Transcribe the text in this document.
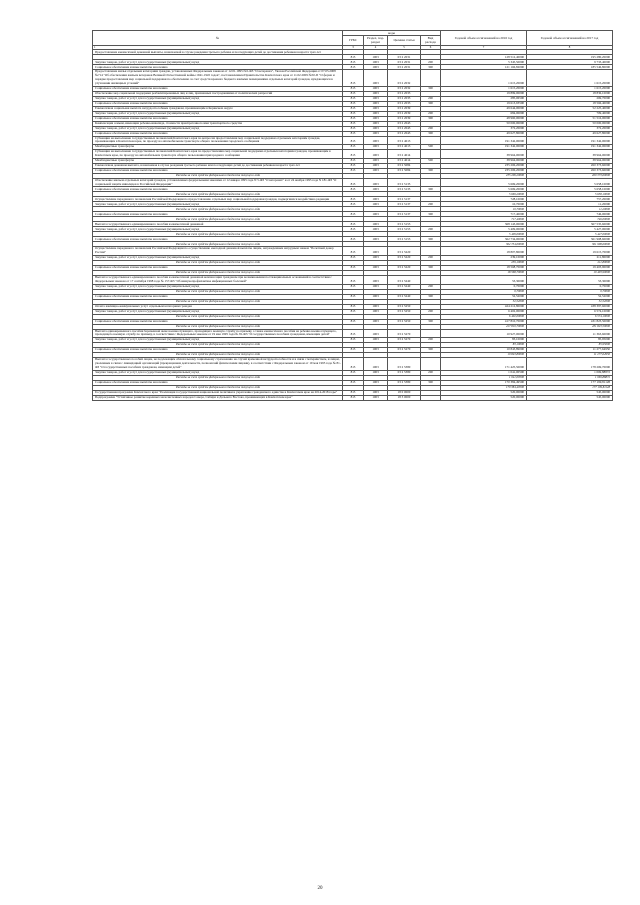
№	коды				Годовой объем ассигнований на 2016 год	Годовой объем ассигнований на 2017 год
	ГРБС	Раздел, под-раздел	Целевая статья	Вид расхода		
1	3	4	5	6	7	8
Предоставление ежемесячной денежной выплаты, назначаемой в случае рождения третьего ребенка и последующих детей до достижения ребенком возраста трех лет						
	815	1003	03 2 2031		128 512,40000	195 280,20000
Закупка товаров, работ и услуг для государственных (муниципальных) нужд	815	1003	03 2 2031	200	5 345,50000	9 733,40000
Социальное обеспечение и иные выплаты населению	815	1003	03 2 2031	300	121 166,82000	185 546,80000
Предоставление жилья отдельным категориям граждан, установленных Федеральным законом от 12.01.1995 №5-ФЗ "О ветеранах", Указом Российской Федерации от 07.05.2008 №714 "Об обеспечении жильем ветеранов Великой Отечественной войны 1941-1945 годов", постановлением Правительства Камчатского края от 11.02.2009 №50-П "О форме и порядке предоставления мер социальной поддержки по обеспечению за счет средств краевого бюджета жилыми помещениями отдельных категорий граждан, нуждающихся в улучшении жилищных условий"	815	1003	03 2 2032		1 615,20000	1 615,20000
Социальное обеспечение и иные выплаты населению	815	1003	03 2 2032	300	1 615,20000	1 615,20000
Обеспечение мер социальной поддержки реабилитированных лиц и лиц, признанных пострадавшими от политических репрессий	815	1003	03 2 2033		19 899,00000	18 836,10000
Закупка товаров, работ и услуг для государственных (муниципальных) нужд	815	1003	03 2 2033	200	285,06500	269,70000
Социальное обеспечение и иные выплаты населению	815	1003	03 2 2033	300	19 613,93500	18 566,40000
Ежемесячная социальная выплата нетрудоспособным гражданам, проживающим в Корякском округе	815	1003	03 2 2039		49 644,00000	52 225,40000
Закупка товаров, работ и услуг для государственных (муниципальных) нужд	815	1003	03 2 2039	200	684,00000	709,40000
Социальное обеспечение и иные выплаты населению	815	1003	03 2 2039	300	48 960,00000	51 516,00000
Компенсация семьям, имеющим ребенка-инвалида, стоимости приобретенного ими транспортного средства	815	1003	03 2 2043		50 000,00000	50 000,00000
Закупка товаров, работ и услуг для государственных (муниципальных) нужд	815	1003	03 2 2043	200	372,20000	372,20000
Социальное обеспечение и иные выплаты населению	815	1003	03 2 2043	300	49 627,80000	49 627,80000
Субвенции на выполнение государственных полномочий Камчатского края по вопросам предоставления мер социальной поддержки отдельным категориям граждан, проживающим в Камчатском крае, по проезду на автомобильном транспорте общего пользования городского сообщения	815	1003	03 2 4013		191 342,00000	191 342,00000
Межбюджетные трансферты	815	1003	03 2 4013	500	191 342,00000	191 342,00000
Субвенции на выполнение государственных полномочий Камчатского края по предоставлению мер социальной поддержки отдельным категориям граждан, проживающим в Камчатском крае, по проезду на автомобильном транспорте общего пользования пригородного сообщения	815	1003	03 2 4014		38 964,00000	38 964,00000
Межбюджетные трансферты	815	1003	03 2 4014	500	38 964,00000	38 964,00000
Ежемесячная денежная выплата, назначаемая в случае рождения третьего ребенка или последующих детей до достижения ребенком возраста трех лет	815	1003	03 2 5084		235 206,20000	260 373,60000
Социальное обеспечение и иные выплаты населению	815	1003	03 2 5084	300	235 206,20000	260 373,60000
Расходы за счет средств федерального бюджета текущего года					235 206,20000	260 373,60000
Обеспечение жильем отдельных категорий граждан, установленных федеральными законами от 12 января 1995 года N 5-ФЗ "О ветеранах" и от 24 ноября 1995 года N 181-ФЗ "О социальной защите инвалидов в Российской Федерации"	815	1003	03 2 5135		5 669,20000	5 658,10000
Социальное обеспечение и иные выплаты населению	815	1003	03 2 5135	300	5 669,20000	5 658,10000
Расходы за счет средств федерального бюджета текущего года					5 669,20000	5 658,10000
Осуществление переданного полномочия Российской Федерации по предоставлению отдельных мер социальной поддержки граждан, подвергшихся воздействию радиации	815	1003	03 2 5137		728,10000	757,20000
Закупка товаров, работ и услуг для государственных (муниципальных) нужд	815	1003	03 2 5137	200	10,70000	11,20000
Расходы за счет средств федерального бюджета текущего года					10,70000	11,20000
Социальное обеспечение и иные выплаты населению	815	1003	03 2 5137	300	717,40000	746,00000
Расходы за счет средств федерального бюджета текущего года					717,40000	746,00000
Выплата государственного единовременного пособия и ежемесячной денежной	815	1003	03 2 5153		368 143,00000	367 535,60000
Закупка товаров, работ и услуг для государственных (муниципальных) нужд	815	1003	03 2 5153	200	5 409,00000	5 427,00000
Расходы за счет средств федерального бюджета текущего года					5 409,00000	5 427,00000
Социальное обеспечение и иные выплаты населению	815	1003	03 2 5153	300	362 734,00000	361 908,60000
Расходы за счет средств федерального бюджета текущего года					362 734,00000	361 908,60000
Осуществление переданного полномочия Российской Федерации по осуществлению ежегодной денежной выплаты лицам, награжденным нагрудным знаком "Почетный донор России"	815	1003	03 2 5220		18 807,80000	19 615,70000
Закупка товаров, работ и услуг для государственных (муниципальных) нужд	815	1003	03 2 5220	200	239,10000	211,80000
Расходы за счет средств федерального бюджета текущего года					239,10000	211,80000
Социальное обеспечение и иные выплаты населению	815	1003	03 2 5220	300	18 568,70000	19 403,90000
Расходы за счет средств федерального бюджета текущего года					18 568,70000	19 403,90000
Выплата государственного единовременного пособия и ежемесячной денежной компенсации гражданам при возникновении поствакцинальных осложнений в соответствии с Федеральным законом от 17 сентября 1998 года № 157-ФЗ "Об иммунопрофилактике инфекционных болезней"	815	1003	03 2 5240		53,30000	53,30000
Закупка товаров, работ и услуг для государственных (муниципальных) нужд	815	1003	03 2 5240	200	0,70000	0,70000
Расходы за счет средств федерального бюджета текущего года					0,70000	0,70000
Социальное обеспечение и иные выплаты населению	815	1003	03 2 5240	300	52,52000	52,52000
Расходы за счет средств федерального бюджета текущего года					52,52000	52,52000
Оплата жилищно-коммунальных услуг отдельным категориям граждан	815	1003	03 2 5250		424 212,80000	438 397,60000
Закупка товаров, работ и услуг для государственных (муниципальных) нужд	815	1003	03 2 5250	200	6 402,00000	6 574,10000
Расходы за счет средств федерального бюджета текущего года					6 402,00000	6 574,10000
Социальное обеспечение и иные выплаты населению	815	1003	03 2 5250	300	417 810,70000	431 823,50000
Расходы за счет средств федерального бюджета текущего года					417 810,70000	431 823,50000
Выплата единовременного пособия беременной жене военнослужащего, проходящего военную службу по призыву, а также ежемесячного пособия на ребенка военнослужащего, проходящего военную службу по призыву, в соответствии с Федеральным законом от 19 мая 1995 года № 81-ФЗ "О государственных пособиях гражданам, имеющим детей"	815	1003	03 2 5270		10 927,00000	11 363,60000
Закупка товаров, работ и услуг для государственных (муниципальных) нужд	815	1003	03 2 5270	200	83,10000	85,95000
Расходы за счет средств федерального бюджета текущего года					83,10000	85,95000
Социальное обеспечение и иные выплаты населению	815	1003	03 2 5270	300	10 843,89000	11 277,64950
Расходы за счет средств федерального бюджета текущего года					10 843,89000	11 277,64950
Выплата государственных пособий лицам, не подлежащим обязательному социальному страхованию на случай временной нетрудоспособности и в связи с материнством, и лицам, уволенным в связи с ликвидацией организаций (прекращением деятельности, полномочий физическими лицами), в соответствии с Федеральным законом от 19 мая 1995 года № 81-ФЗ "О государственных пособиях гражданам, имеющим детей"	815	1003	03 2 5380		171 425,50000	178 269,70000
Закупка товаров, работ и услуг для государственных (муниципальных) нужд	815	1003	03 2 5380	200	1 041,00500	1 069,88872
Расходы за счет средств федерального бюджета текущего года					1 041,00500	1 069,88872
Социальное обеспечение и иные выплаты населению	815	1003	03 2 5380	300	170 384,49500	177 199,81128
Расходы за счет средств федерального бюджета текущего года					170 384,49500	177 199,81128
Государственная программа Камчатского края "Реализация государственной национальной политики и укрепление гражданского единства в Камчатском крае на 2014-2018 годы"	815	1003	18 0 0000		520,00000	545,00000
Подпрограмма "Устойчивое развитие коренных малочисленных народов Севера, Сибири и Дальнего Востока, проживающих в Камчатском крае"	815	1003	18 3 0000		520,00000	545,00000
20
